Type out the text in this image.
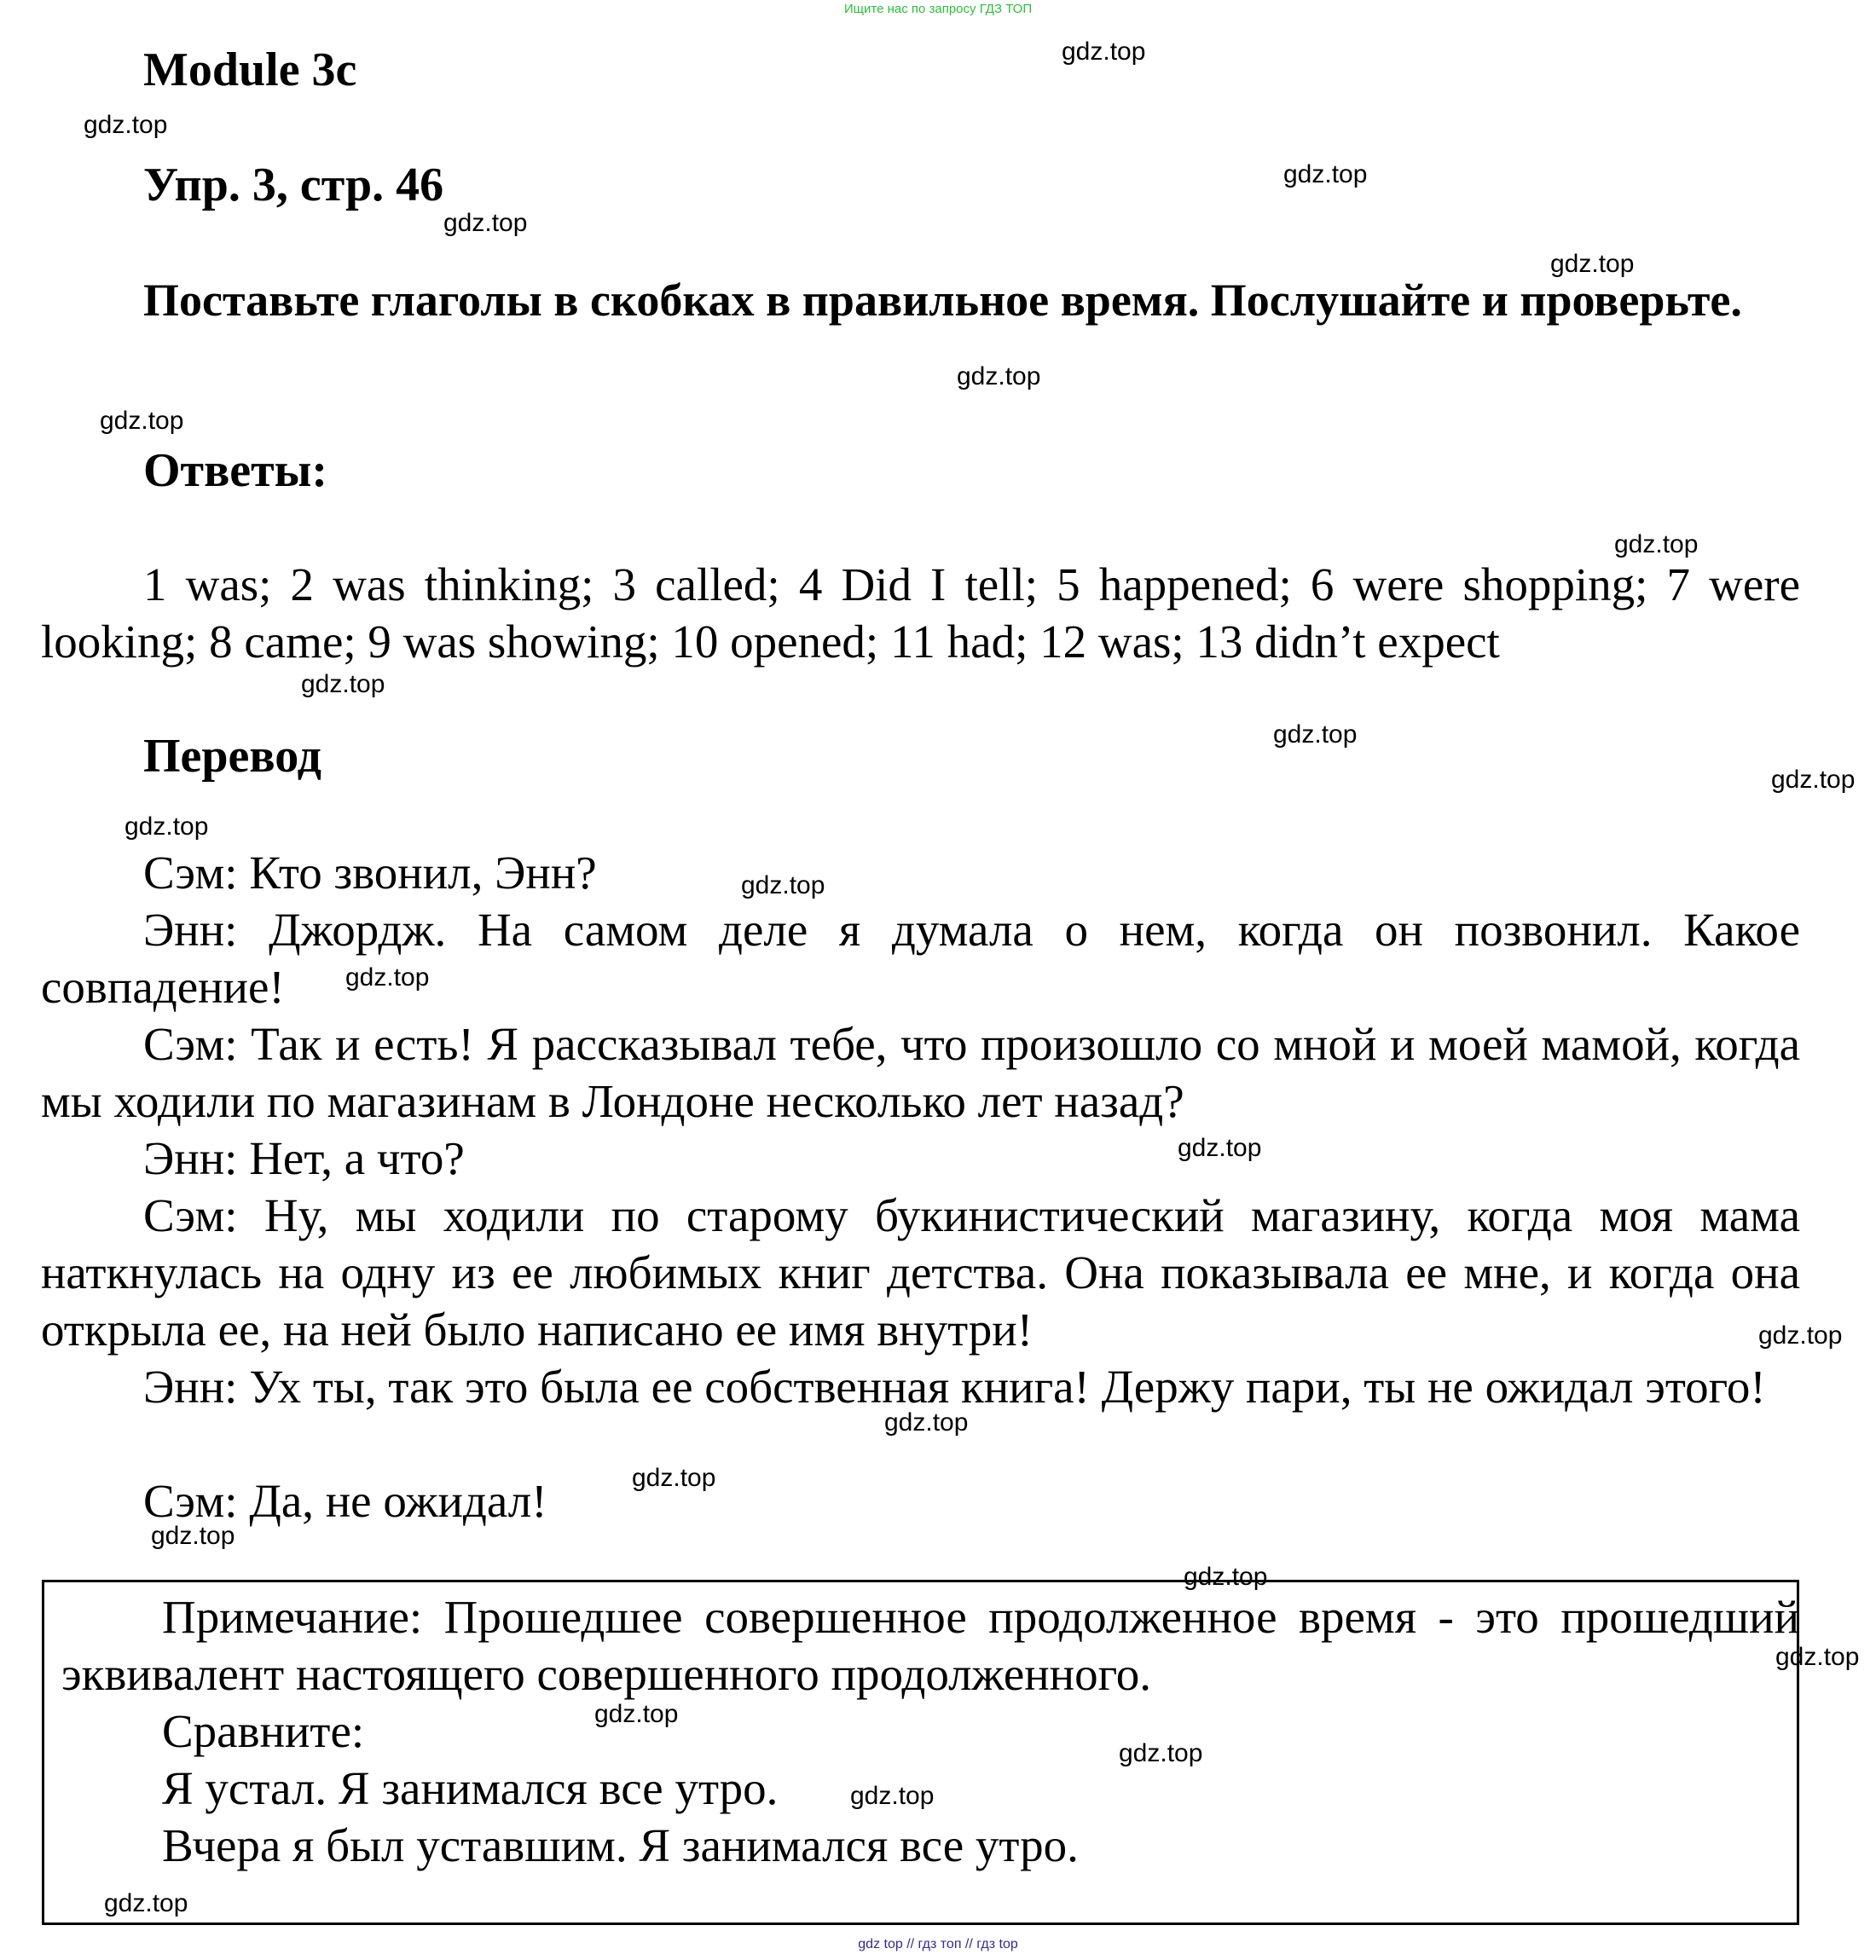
Ищите нас по запросу ГДЗ ТОП
Module 3c
Упр. 3, стр. 46
Поставьте глаголы в скобках в правильное время. Послушайте и проверьте.
Ответы:
1 was; 2 was thinking; 3 called; 4 Did I tell; 5 happened; 6 were shopping; 7 were looking; 8 came; 9 was showing; 10 opened; 11 had; 12 was; 13 didn’t expect
Перевод
Сэм: Кто звонил, Энн?
Энн: Джордж. На самом деле я думала о нем, когда он позвонил. Какое совпадение!
Сэм: Так и есть! Я рассказывал тебе, что произошло со мной и моей мамой, когда мы ходили по магазинам в Лондоне несколько лет назад?
Энн: Нет, а что?
Сэм: Ну, мы ходили по старому букинистический магазину, когда моя мама наткнулась на одну из ее любимых книг детства. Она показывала ее мне, и когда она открыла ее, на ней было написано ее имя внутри!
Энн: Ух ты, так это была ее собственная книга! Держу пари, ты не ожидал этого!
Сэм: Да, не ожидал!
Примечание: Прошедшее совершенное продолженное время - это прошедший эквивалент настоящего совершенного продолженного.
Сравните:
Я устал. Я занимался все утро.
Вчера я был уставшим. Я занимался все утро.
gdz.top
gdz.top
gdz.top
gdz.top
gdz.top
gdz.top
gdz.top
gdz.top
gdz.top
gdz.top
gdz.top
gdz.top
gdz.top
gdz.top
gdz.top
gdz.top
gdz.top
gdz.top
gdz.top
gdz.top
gdz.top
gdz.top
gdz.top
gdz.top
gdz.top
gdz top // гдз топ // гдз top
